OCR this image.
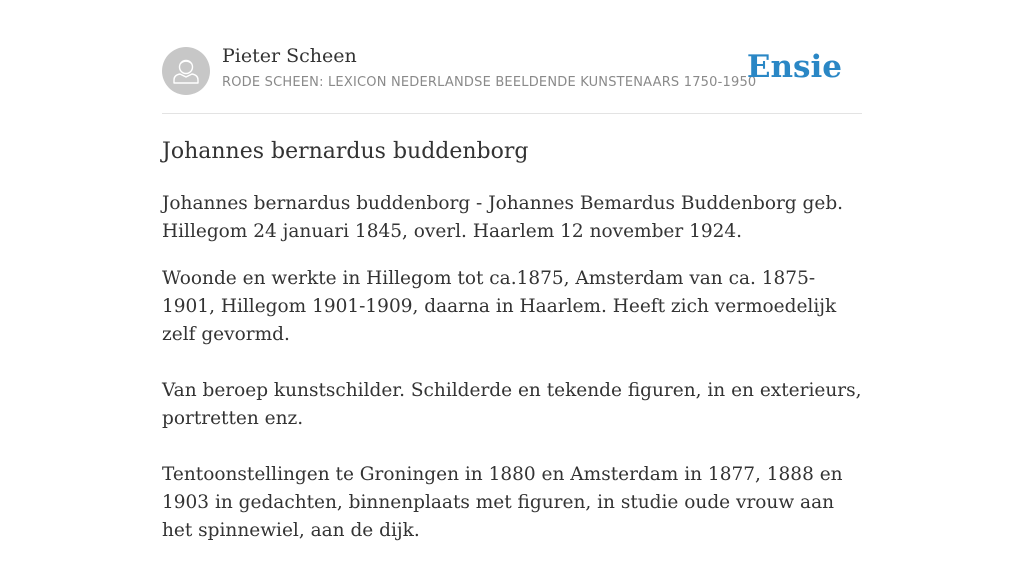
Pieter Scheen
RODE SCHEEN: LEXICON NEDERLANDSE BEELDENDE KUNSTENAARS 1750-1950
Ensie
Johannes bernardus buddenborg

Johannes bernardus buddenborg - Johannes Bemardus Buddenborg geb. Hillegom 24 januari 1845, overl. Haarlem 12 november 1924.

Woonde en werkte in Hillegom tot ca.1875, Amsterdam van ca. 1875-1901, Hillegom 1901-1909, daarna in Haarlem. Heeft zich vermoedelijk zelf gevormd.

Van beroep kunstschilder. Schilderde en tekende figuren, in en exterieurs, portretten enz.

Tentoonstellingen te Groningen in 1880 en Amsterdam in 1877, 1888 en 1903 in gedachten, binnenplaats met figuren, in studie oude vrouw aan het spinnewiel, aan de dijk.
